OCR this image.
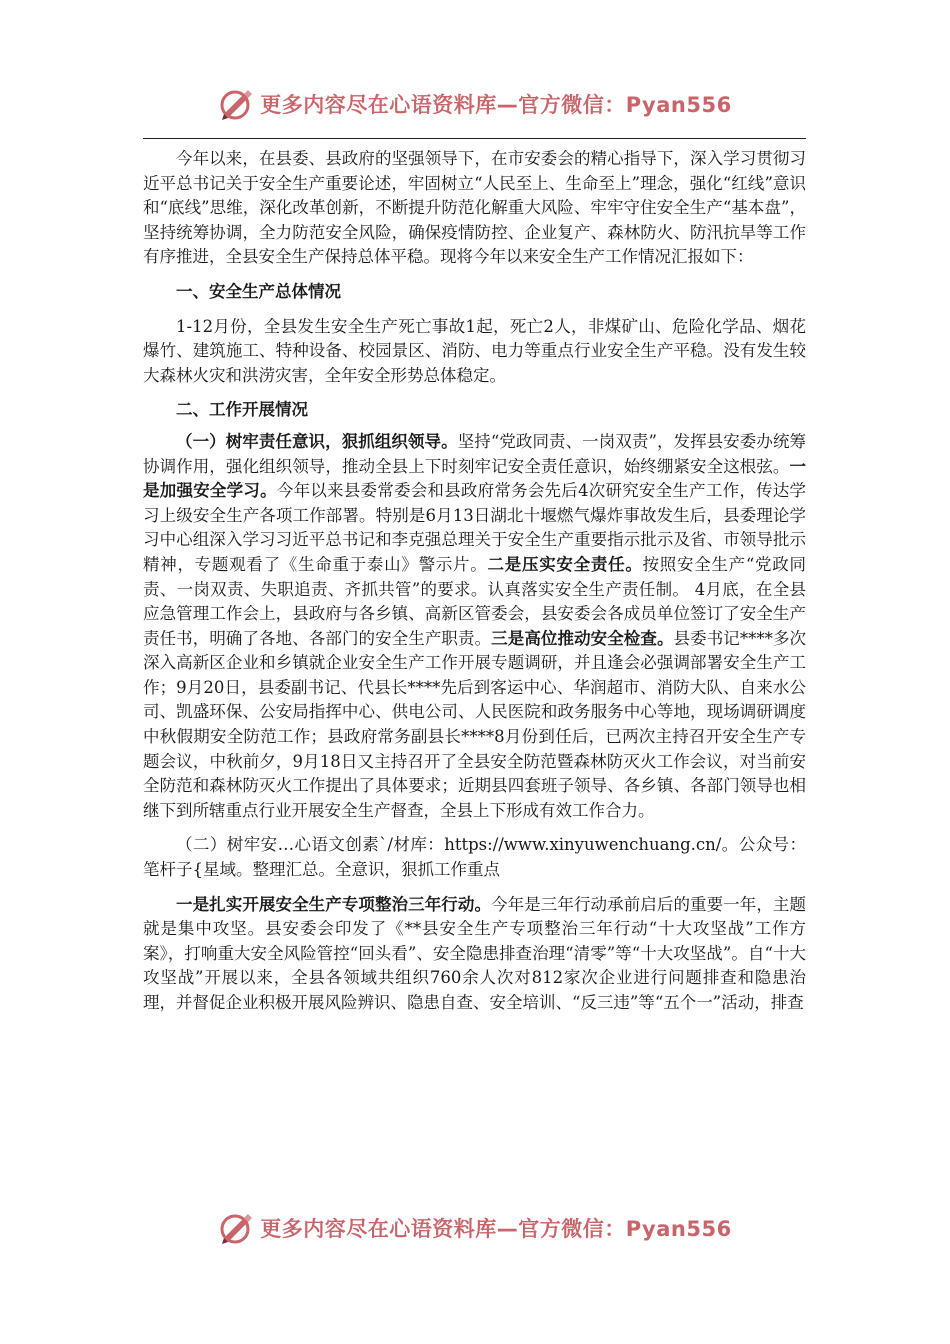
更多内容尽在心语资料库—官方微信：Pyan556

今年以来，在县委、县政府的坚强领导下，在市安委会的精心指导下，深入学习贯彻习近平总书记关于安全生产重要论述，牢固树立“人民至上、生命至上”理念，强化“红线”意识和“底线”思维，深化改革创新，不断提升防范化解重大风险、牢牢守住安全生产“基本盘”，坚持统筹协调，全力防范安全风险，确保疫情防控、企业复产、森林防火、防汛抗旱等工作有序推进，全县安全生产保持总体平稳。现将今年以来安全生产工作情况汇报如下：

一、安全生产总体情况

1-12月份，全县发生安全生产死亡事故1起，死亡2人，非煤矿山、危险化学品、烟花爆竹、建筑施工、特种设备、校园景区、消防、电力等重点行业安全生产平稳。没有发生较大森林火灾和洪涝灾害，全年安全形势总体稳定。

二、工作开展情况

（一）树牢责任意识，狠抓组织领导。坚持“党政同责、一岗双责”，发挥县安委办统筹协调作用，强化组织领导，推动全县上下时刻牢记安全责任意识，始终绷紧安全这根弦。一是加强安全学习。今年以来县委常委会和县政府常务会先后4次研究安全生产工作，传达学习上级安全生产各项工作部署。特别是6月13日湖北十堰燃气爆炸事故发生后，县委理论学习中心组深入学习习近平总书记和李克强总理关于安全生产重要指示批示及省、市领导批示精神，专题观看了《生命重于泰山》警示片。二是压实安全责任。按照安全生产“党政同责、一岗双责、失职追责、齐抓共管”的要求。认真落实安全生产责任制。 4月底，在全县应急管理工作会上，县政府与各乡镇、高新区管委会，县安委会各成员单位签订了安全生产责任书，明确了各地、各部门的安全生产职责。三是高位推动安全检查。县委书记****多次深入高新区企业和乡镇就企业安全生产工作开展专题调研，并且逢会必强调部署安全生产工作；9月20日，县委副书记、代县长****先后到客运中心、华润超市、消防大队、自来水公司、凯盛环保、公安局指挥中心、供电公司、人民医院和政务服务中心等地，现场调研调度中秋假期安全防范工作；县政府常务副县长****8月份到任后，已两次主持召开安全生产专题会议，中秋前夕，9月18日又主持召开了全县安全防范暨森林防灭火工作会议，对当前安全防范和森林防灭火工作提出了具体要求；近期县四套班子领导、各乡镇、各部门领导也相继下到所辖重点行业开展安全生产督查，全县上下形成有效工作合力。

（二）树牢安…心语文创素`/材库：https://www.xinyuwenchuang.cn/。公众号：笔杆子{星域。整理汇总。全意识，狠抓工作重点

一是扎实开展安全生产专项整治三年行动。今年是三年行动承前启后的重要一年，主题就是集中攻坚。县安委会印发了《**县安全生产专项整治三年行动“十大攻坚战”工作方案》，打响重大安全风险管控“回头看”、安全隐患排查治理“清零”等“十大攻坚战”。自“十大攻坚战”开展以来，全县各领域共组织760余人次对812家次企业进行问题排查和隐患治理，并督促企业积极开展风险辨识、隐患自查、安全培训、“反三违”等“五个一”活动，排查

更多内容尽在心语资料库—官方微信：Pyan556
